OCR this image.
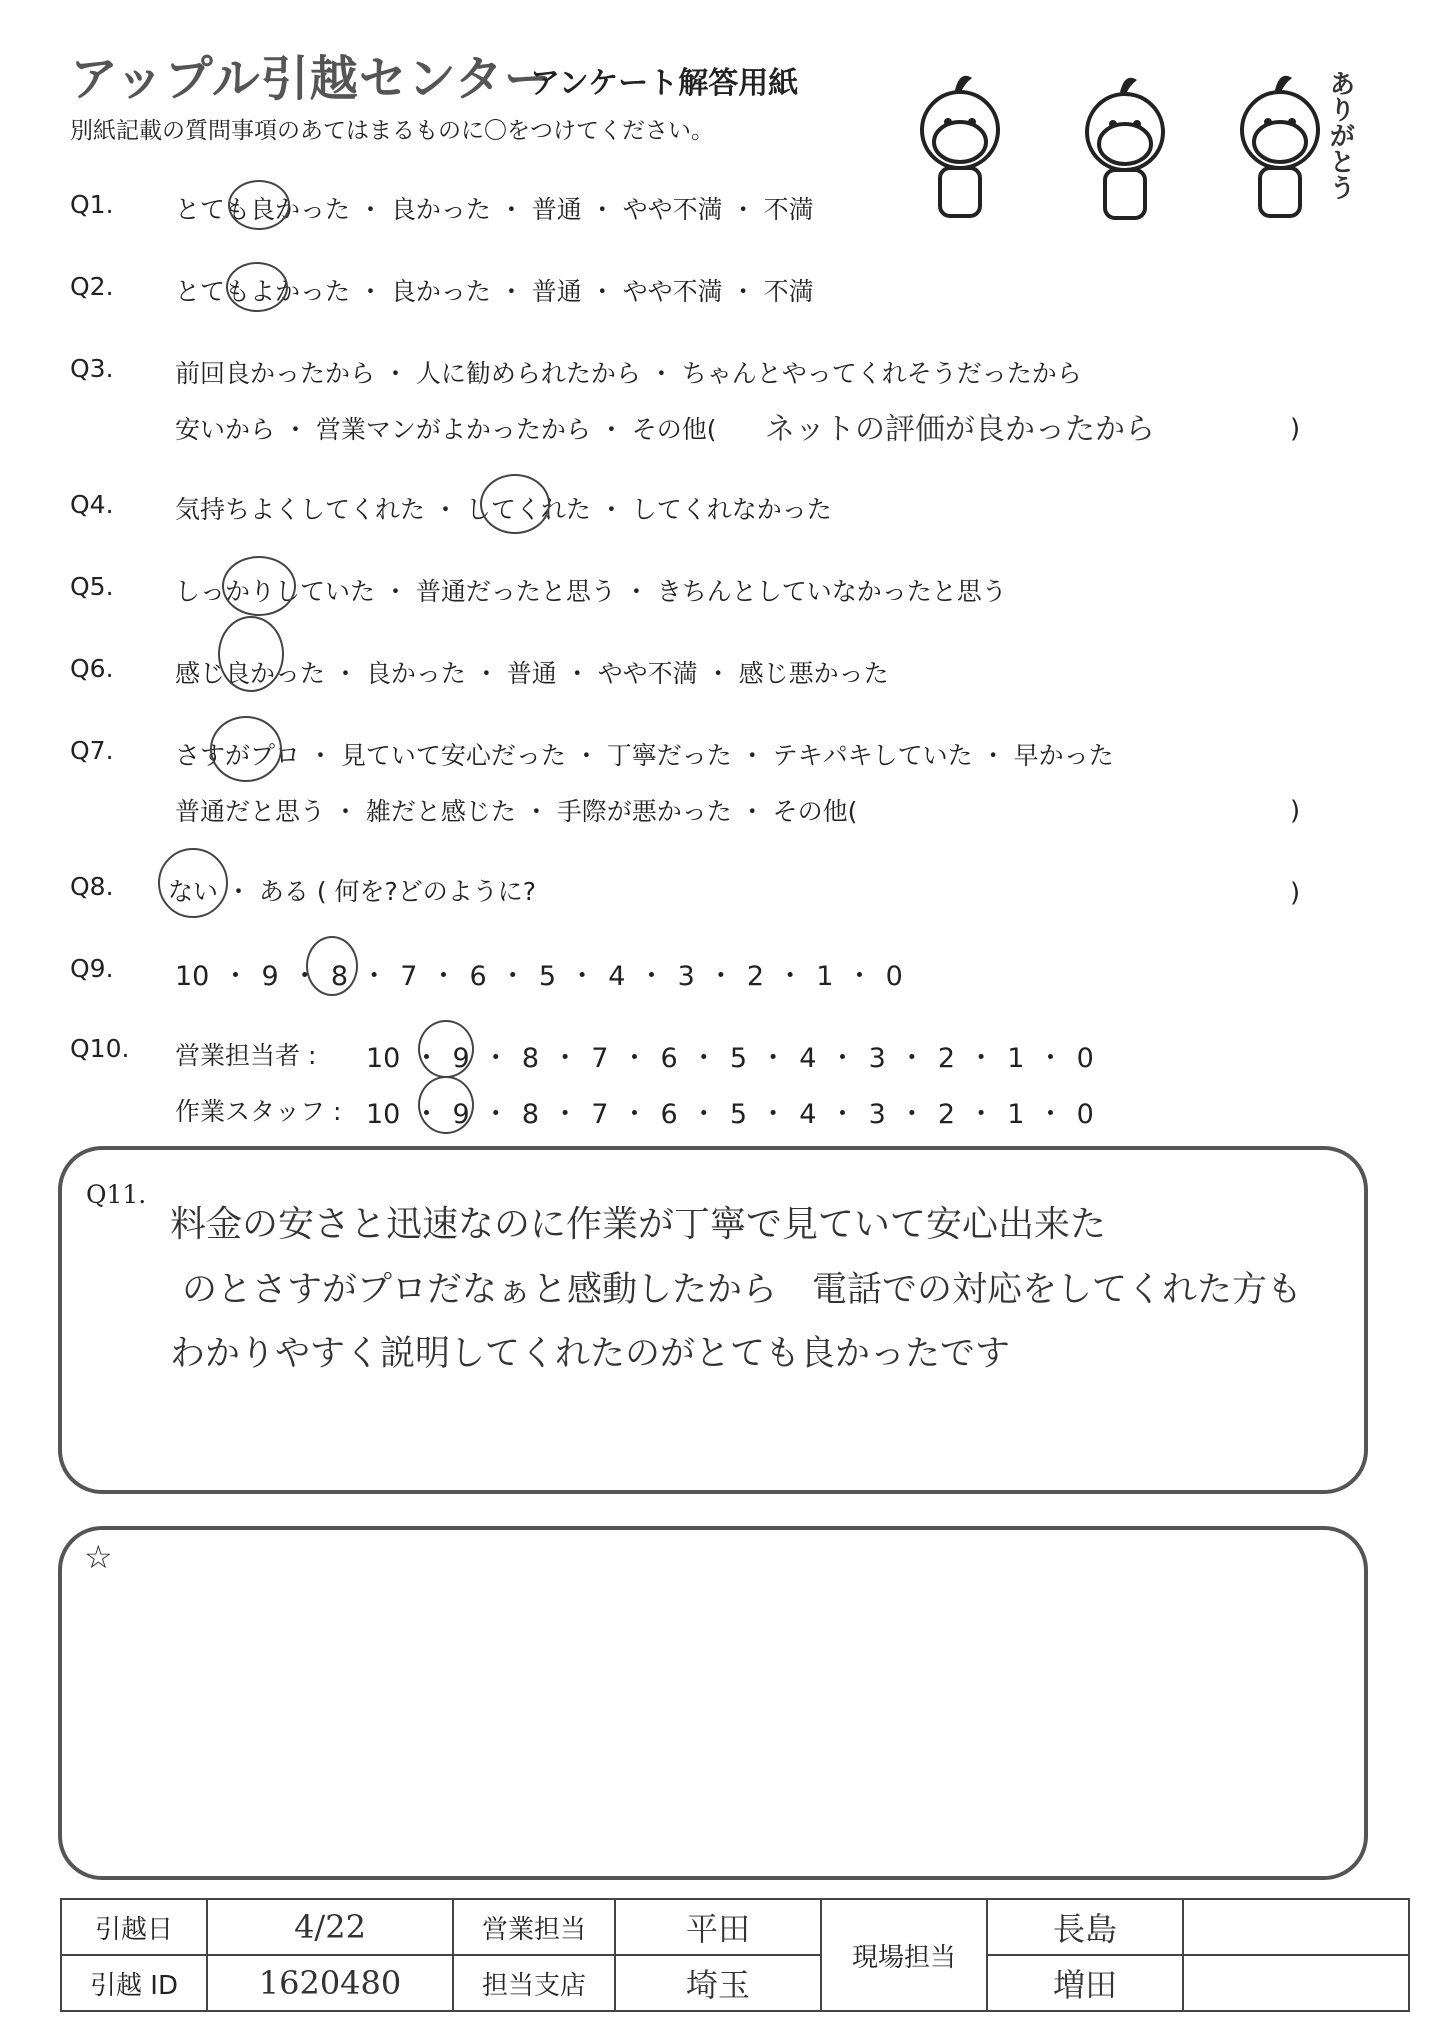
アップル引越センター
アンケート解答用紙
別紙記載の質問事項のあてはまるものに〇をつけてください。	ありがとう
Q1. とても良かった ・ 良かった ・ 普通 ・ やや不満 ・ 不満
Q2. とてもよかった ・ 良かった ・ 普通 ・ やや不満 ・ 不満
Q3. 前回良かったから ・ 人に勧められたから ・ ちゃんとやってくれそうだったから
安いから ・ 営業マンがよかったから ・ その他( ネットの評価が良かったから	)
Q4. 気持ちよくしてくれた ・ してくれた ・ してくれなかった
Q5. しっかりしていた ・ 普通だったと思う ・ きちんとしていなかったと思う
Q6. 感じ良かった ・ 良かった ・ 普通 ・ やや不満 ・ 感じ悪かった
Q7. さすがプロ ・ 見ていて安心だった ・ 丁寧だった ・ テキパキしていた ・ 早かった
普通だと思う ・ 雑だと感じた ・ 手際が悪かった ・ その他(	)
Q8. ない ・ ある ( 何を?どのように?	)
Q9. 10 ・ 9 ・ 8 ・ 7 ・ 6 ・ 5 ・ 4 ・ 3 ・ 2 ・ 1 ・ 0
Q10. 営業担当者 : 10 ・ 9 ・ 8 ・ 7 ・ 6 ・ 5 ・ 4 ・ 3 ・ 2 ・ 1 ・ 0
作業スタッフ : 10 ・ 9 ・ 8 ・ 7 ・ 6 ・ 5 ・ 4 ・ 3 ・ 2 ・ 1 ・ 0
Q11.
料金の安さと迅速なのに作業が丁寧で見ていて安心出来た
のとさすがプロだなぁと感動したから　電話での対応をしてくれた方も
わかりやすく説明してくれたのがとても良かったです
☆
引越日	4/22	営業担当	平田	現場担当	長島	
引越 ID	1620480	担当支店	埼玉		増田	
